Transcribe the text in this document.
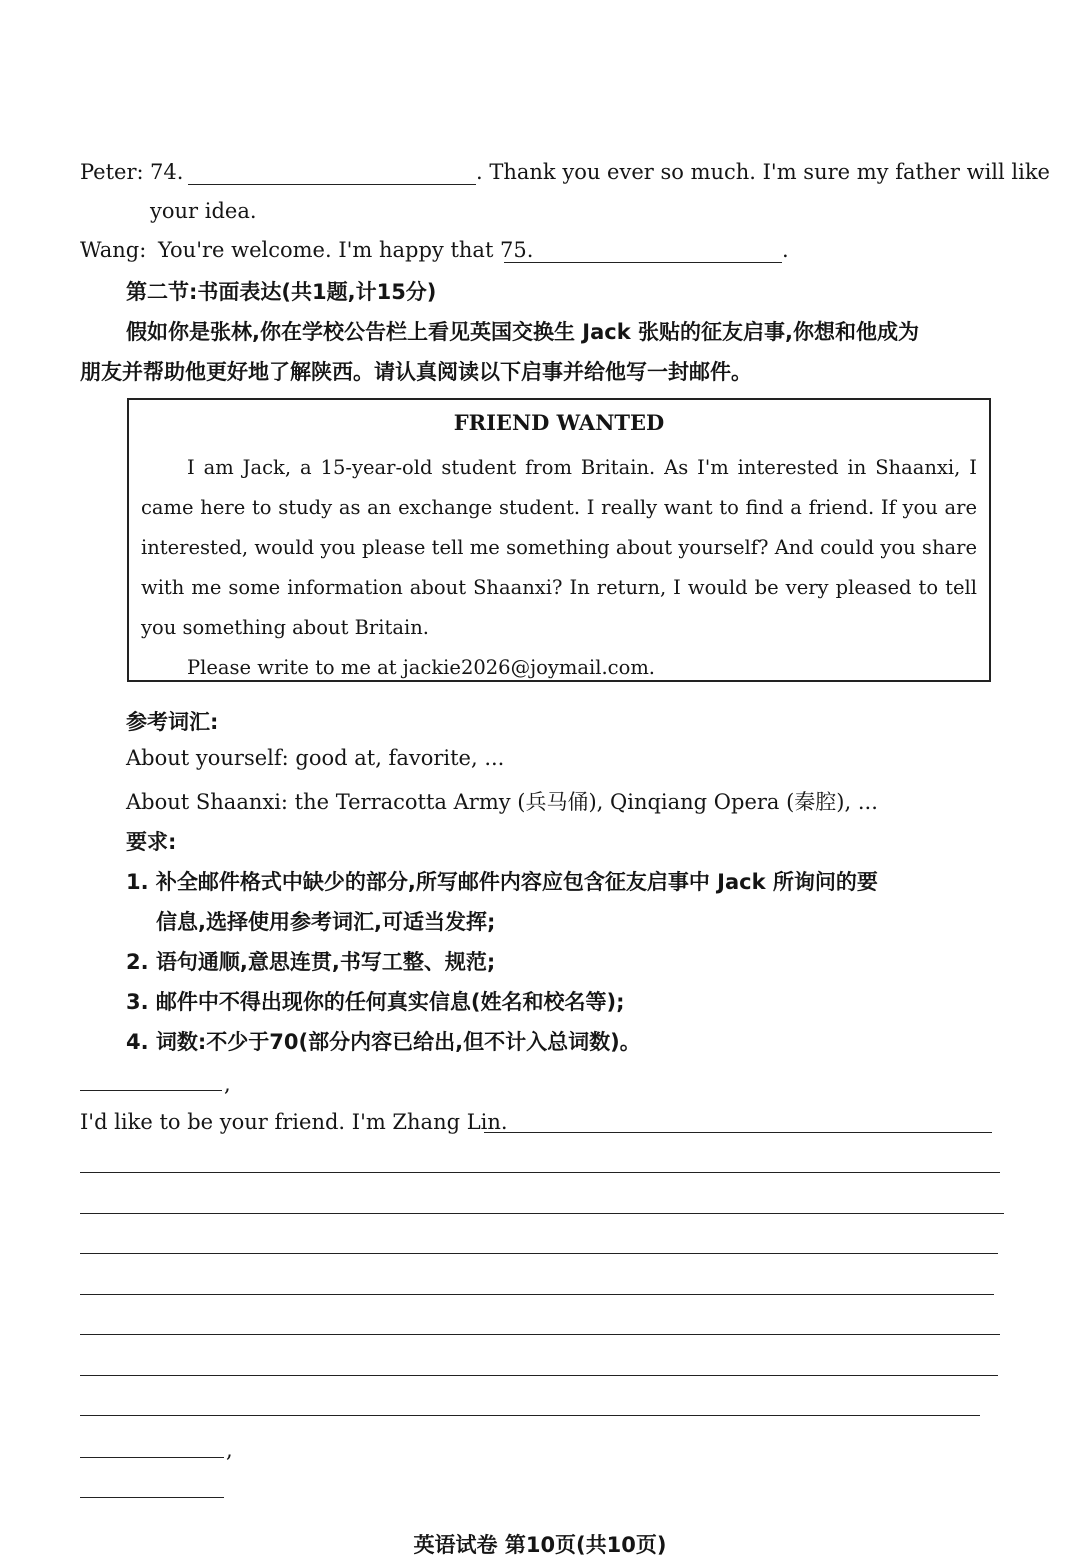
Peter: 74.	. Thank you ever so much. I'm sure my father will like
your idea.
Wang: You're welcome. I'm happy that 75.	.
第二节:书面表达(共1题,计15分)
假如你是张林,你在学校公告栏上看见英国交换生 Jack 张贴的征友启事,你想和他成为
朋友并帮助他更好地了解陕西。请认真阅读以下启事并给他写一封邮件。
FRIEND WANTED

I am Jack, a 15-year-old student from Britain. As I'm interested in Shaanxi, I came here to study as an exchange student. I really want to find a friend. If you are interested, would you please tell me something about yourself? And could you share with me some information about Shaanxi? In return, I would be very pleased to tell you something about Britain.

Please write to me at jackie2026@joymail.com.

参考词汇:
About yourself: good at, favorite, ...
About Shaanxi: the Terracotta Army (兵马俑), Qinqiang Opera (秦腔), ...
要求:
1. 补全邮件格式中缺少的部分,所写邮件内容应包含征友启事中 Jack 所询问的要
信息,选择使用参考词汇,可适当发挥;
2. 语句通顺,意思连贯,书写工整、规范;
3. 邮件中不得出现你的任何真实信息(姓名和校名等);
4. 词数:不少于70(部分内容已给出,但不计入总词数)。
,
I'd like to be your friend. I'm Zhang Lin.
,
英语试卷 第10页(共10页)
